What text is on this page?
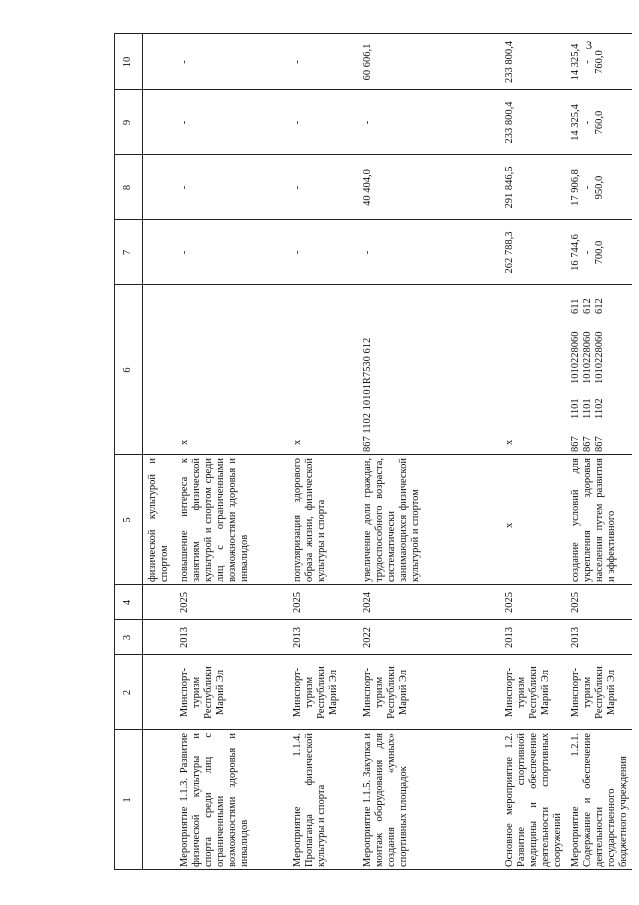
3
1
2
3
4
5
6
7
8
9
10
физической культурой и спортом
Мероприятие 1.1.3. Развитие физической культуры и спорта среди лиц с ограниченными возможностями здоровья и инвалидов
Минспорт-туризм Республики Марий Эл
2013
2025
повышение интереса к занятиям физической культурой и спортом среди лиц с ограниченными возможностями здоровья и инвалидов
х
-
-
-
-
Мероприятие 1.1.4. Пропаганда физической культуры и спорта
Минспорт-туризм Республики Марий Эл
2013
2025
популяризация здорового образа жизни, физической культуры и спорта
х
-
-
-
-
Мероприятие 1.1.5. Закупка и монтаж оборудования для создания «умных» спортивных площадок
Минспорт-туризм Республики Марий Эл
2022
2024
увеличение доли граждан, трудоспособного возраста, систематически занимающихся физической культурой и спортом
867 1102 10101R7530 612
-
40 404,0
-
60 606,1
Основное мероприятие 1.2. Развитие спортивной медицины и обеспечение деятельности спортивных сооружений
Минспорт-туризм Республики Марий Эл
2013
2025
х
х
262 788,3
291 846,5
233 800,4
233 800,4
Мероприятие 1.2.1. Содержание и обеспечение деятельности государственного бюджетного учреждения
Минспорт-туризм Республики Марий Эл
2013
2025
создание условий для укрепления здоровья населения путем развития и эффективного
867 867 867
1101 1101 1102
1010228060 1010228060 1010228060
611 612 612
16 744,6 - 700,0
17 906,8 - 950,0
14 325,4 - 760,0
14 325,4 - 760,0
